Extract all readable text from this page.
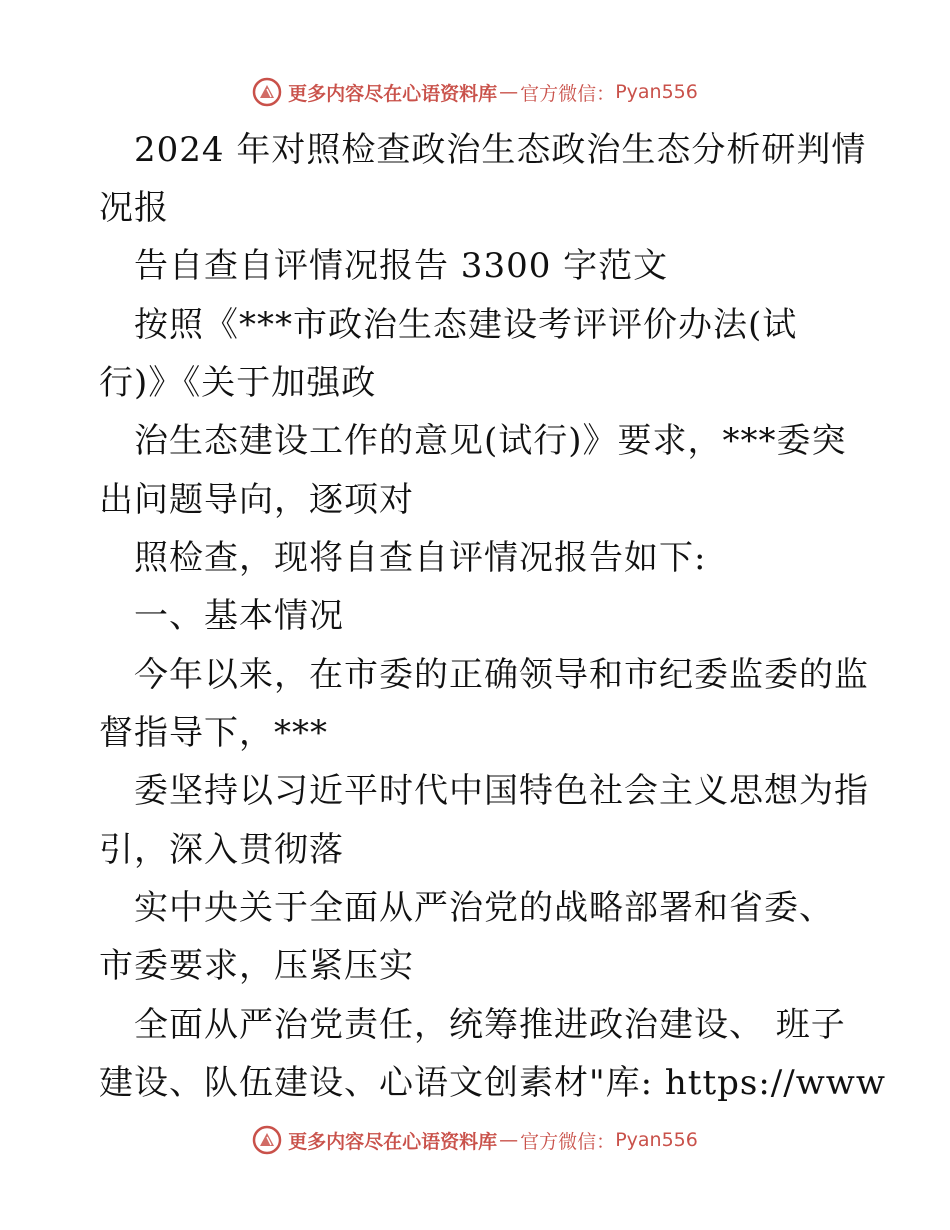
更多内容尽在心语资料库 — 官方微信： Pyan556
2024 年对照检查政治生态政治生态分析研判情
况报
告自查自评情况报告 3300 字范文
按照《***市政治生态建设考评评价办法(试
行)》《关于加强政
治生态建设工作的意见(试行)》要求，***委突
出问题导向，逐项对
照检查，现将自查自评情况报告如下:
一、基本情况
今年以来，在市委的正确领导和市纪委监委的监
督指导下，***
委坚持以习近平时代中国特色社会主义思想为指
引，深入贯彻落
实中央关于全面从严治党的战略部署和省委、
市委要求，压紧压实
全面从严治党责任，统筹推进政治建设、 班子
建设、队伍建设、心语文创素材"库: https://www
更多内容尽在心语资料库 — 官方微信： Pyan556
